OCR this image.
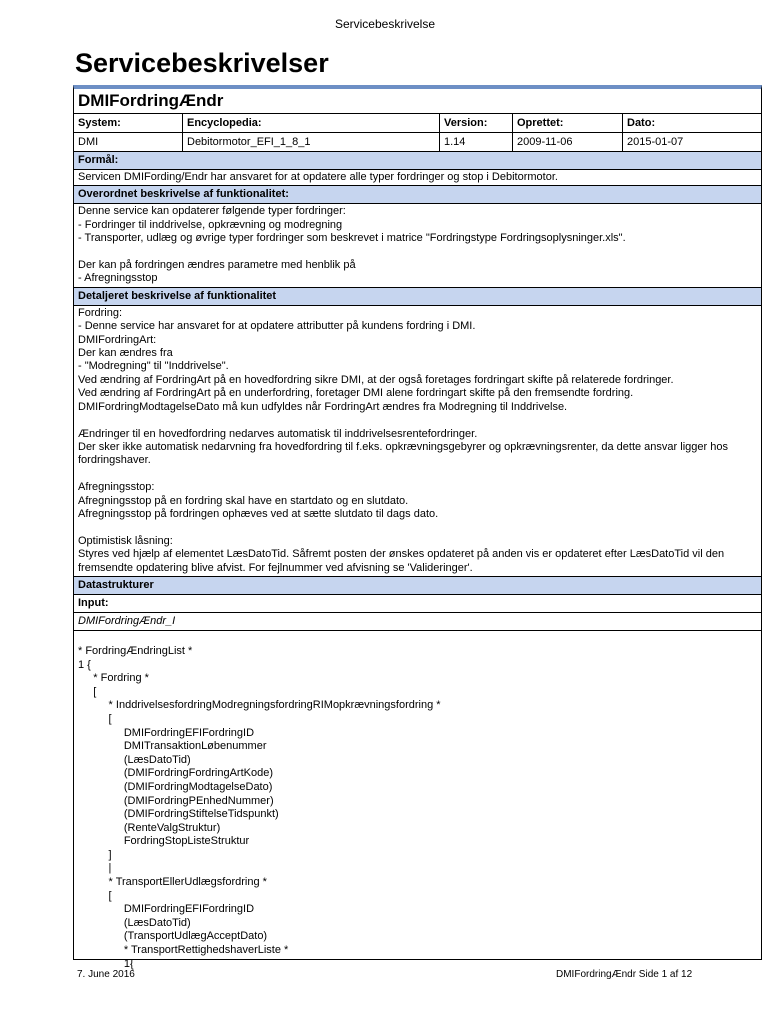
Servicebeskrivelse
Servicebeskrivelser
DMIFordringÆndr
System:
DMI
Encyclopedia:
Debitormotor_EFI_1_8_1
Version:
1.14
Oprettet:
2009-11-06
Dato:
2015-01-07
Formål:
Servicen DMIFording/Endr har ansvaret for at opdatere alle typer fordringer og stop i Debitormotor.
Overordnet beskrivelse af funktionalitet:
Denne service kan opdaterer følgende typer fordringer:
- Fordringer til inddrivelse, opkrævning og modregning
- Transporter, udlæg og øvrige typer fordringer som beskrevet i matrice "Fordringstype Fordringsoplysninger.xls".

Der kan på fordringen ændres parametre med henblik på
- Afregningsstop
Detaljeret beskrivelse af funktionalitet
Fordring:
- Denne service har ansvaret for at opdatere attributter på kundens fordring i DMI.
DMIFordringArt:
Der kan ændres fra
- "Modregning" til "Inddrivelse".
Ved ændring af FordringArt på en hovedfordring sikre DMI, at der også foretages fordringart skifte på relaterede fordringer.
Ved ændring af FordringArt på en underfordring, foretager DMI alene fordringart skifte på den fremsendte fordring.
DMIFordringModtagelseDato må kun udfyldes når FordringArt ændres fra Modregning til Inddrivelse.

Ændringer til en hovedfordring nedarves automatisk til inddrivelsesrentefordringer.
Der sker ikke automatisk nedarvning fra hovedfordring til f.eks. opkrævningsgebyrer og opkrævningsrenter, da dette ansvar ligger hos fordringshaver.

Afregningsstop:
Afregningsstop på en fordring skal have en startdato og en slutdato.
Afregningsstop på fordringen ophæves ved at sætte slutdato til dags dato.

Optimistisk låsning:
Styres ved hjælp af elementet LæsDatoTid. Såfremt posten der ønskes opdateret på anden vis er opdateret efter LæsDatoTid vil den fremsendte opdatering blive afvist. For fejlnummer ved afvisning se 'Valideringer'.
Datastrukturer
Input:
DMIFordringÆndr_I
* FordringÆndringList *
1 {
* Fordring *
[
* InddrivelsesfordringModregningsfordringRIMopkrævningsfordring *
[
DMIFordringEFIFordringID
DMITransaktionLøbenummer
(LæsDatoTid)
(DMIFordringFordringArtKode)
(DMIFordringModtagelseDato)
(DMIFordringPEnhedNummer)
(DMIFordringStiftelseTidspunkt)
(RenteValgStruktur)
FordringStopListeStruktur
]
|
* TransportEllerUdlægsfordring *
[
DMIFordringEFIFordringID
(LæsDatoTid)
(TransportUdlægAcceptDato)
* TransportRettighedshaverListe *
1{
7. June 2016	DMIFordringÆndr Side 1 af 12
